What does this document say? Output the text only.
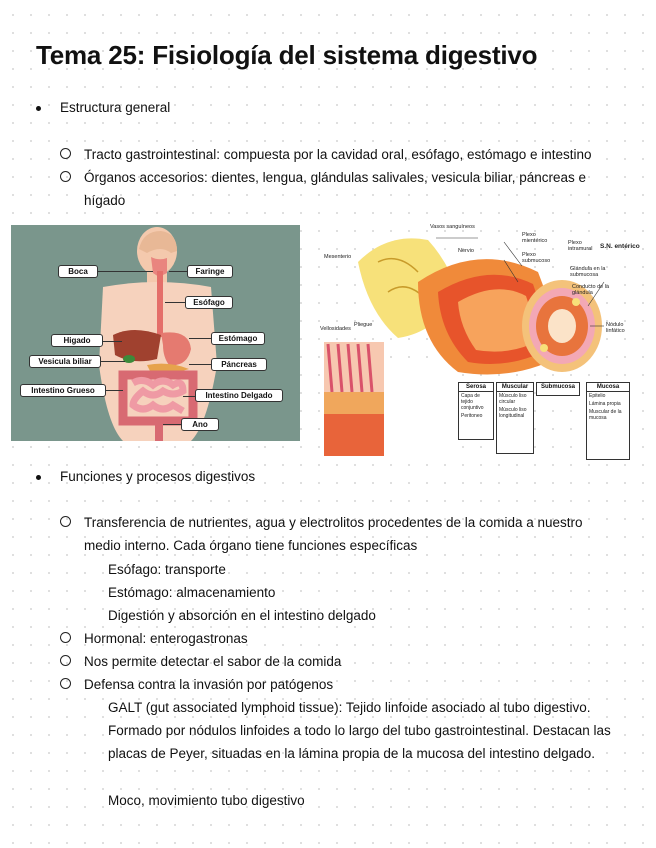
Tema 25: Fisiología del sistema digestivo
Estructura general
Tracto gastrointestinal: compuesta por la cavidad oral, esófago, estómago e intestino
Órganos accesorios: dientes, lengua, glándulas salivales, vesicula biliar, páncreas e hígado
Boca	Faringe
Esófago
Higado	Estómago
Vesicula biliar	Páncreas
Intestino Grueso
Intestino Delgado
Ano
Vasos sanguíneos
Nervio
Mesenterio
Plexo mientérico
Plexo submucoso
Plexo intramural	S.N. entérico
Glándula en la submucosa
Conducto de la glándula
Nódulo linfático
Vellosidades
Pliegue
Serosa
Capa de tejido conjuntivo
Peritoneo
Muscular
Músculo liso circular
Músculo liso longitudinal
Submucosa	Mucosa
Epitelio
Lámina propia
Muscular de la mucosa
Funciones y procesos digestivos
Transferencia de nutrientes, agua y electrolitos procedentes de la comida a nuestro medio interno. Cada órgano tiene funciones específicas
Esófago: transporte
Estómago: almacenamiento
Digestión y absorción en el intestino delgado
Hormonal: enterogastronas
Nos permite detectar el sabor de la comida
Defensa contra la invasión por patógenos
GALT (gut associated lymphoid tissue): Tejido linfoide asociado al tubo digestivo. Formado por nódulos linfoides a todo lo largo del tubo gastrointestinal. Destacan las placas de Peyer, situadas en la lámina propia de la mucosa del intestino delgado.
Moco, movimiento tubo digestivo
